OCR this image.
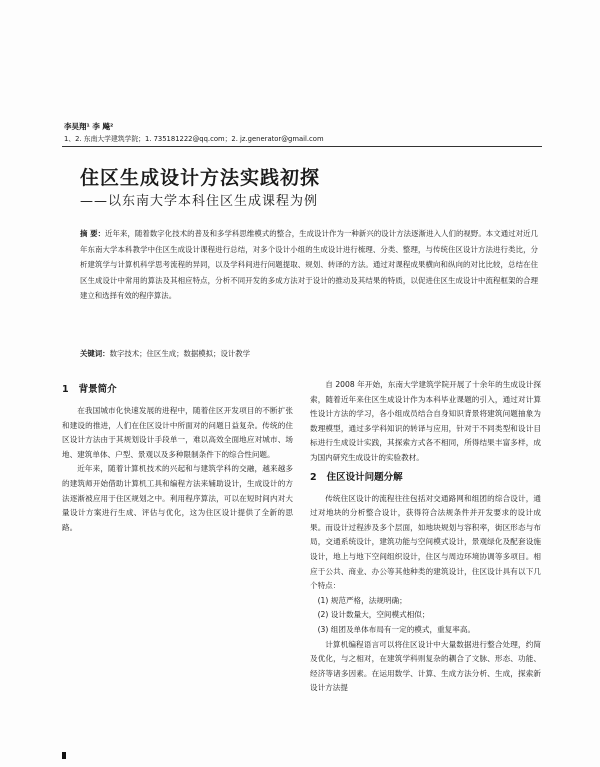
李昊翔¹ 李 飚²
1、2. 东南大学建筑学院；1. 735181222@qq.com；2. jz.generator@gmail.com
住区生成设计方法实践初探
——以东南大学本科住区生成课程为例
摘 要：近年来，随着数字化技术的普及和多学科思维模式的整合，生成设计作为一种新兴的设计方法逐渐进入人们的视野。本文通过对近几年东南大学本科教学中住区生成设计课程进行总结，对多个设计小组的生成设计进行梳理、分类、整理，与传统住区设计方法进行类比，分析建筑学与计算机科学思考流程的异同，以及学科间进行问题提取、规划、转译的方法。通过对课程成果横向和纵向的对比比较，总结在住区生成设计中常用的算法及其相应特点，分析不同开发的多成方法对于设计的推动及其结果的特质，以促进住区生成设计中流程框架的合理建立和选择有效的程序算法。
关键词：数字技术；住区生成；数据模拟；设计教学
1 背景简介

在我国城市化快速发展的进程中，随着住区开发项目的不断扩张和建设的推进，人们在住区设计中所面对的问题日益复杂。传统的住区设计方法由于其规划设计手段单一，难以高效全面地应对城市、场地、建筑单体、户型、景观以及多种限制条件下的综合性问题。

近年来，随着计算机技术的兴起和与建筑学科的交融，越来越多的建筑师开始借助计算机工具和编程方法来辅助设计，生成设计的方法逐渐被应用于住区规划之中。利用程序算法，可以在短时间内对大量设计方案进行生成、评估与优化，这为住区设计提供了全新的思路。

自 2008 年开始，东南大学建筑学院开展了十余年的生成设计探索，随着近年来住区生成设计作为本科毕业课题的引入，通过对计算性设计方法的学习，各小组成员结合自身知识背景将建筑问题抽象为数理模型，通过多学科知识的转译与应用，针对于不同类型和设计目标进行生成设计实践，其探索方式各不相同，所得结果丰富多样，成为国内研究生成设计的实验教材。

2 住区设计问题分解

传统住区设计的流程往往包括对交通路网和组团的综合设计，通过对地块的分析整合设计，获得符合法规条件并开发要求的设计成果。而设计过程涉及多个层面，如地块规划与容积率，街区形态与布局，交通系统设计，建筑功能与空间模式设计，景观绿化及配套设施设计，地上与地下空间组织设计，住区与周边环境协调等多项目。相应于公共、商业、办公等其他种类的建筑设计，住区设计具有以下几个特点：

(1) 规范严格，法规明确；

(2) 设计数量大，空间模式相似；

(3) 组团及单体布局有一定的模式，重复率高。

计算机编程语言可以将住区设计中大量数据进行整合处理，约简及优化，与之相对，在建筑学科则复杂的耦合了文脉、形态、功能、经济等诸多因素。在运用数学、计算、生成方法分析、生成，探索新设计方法提
